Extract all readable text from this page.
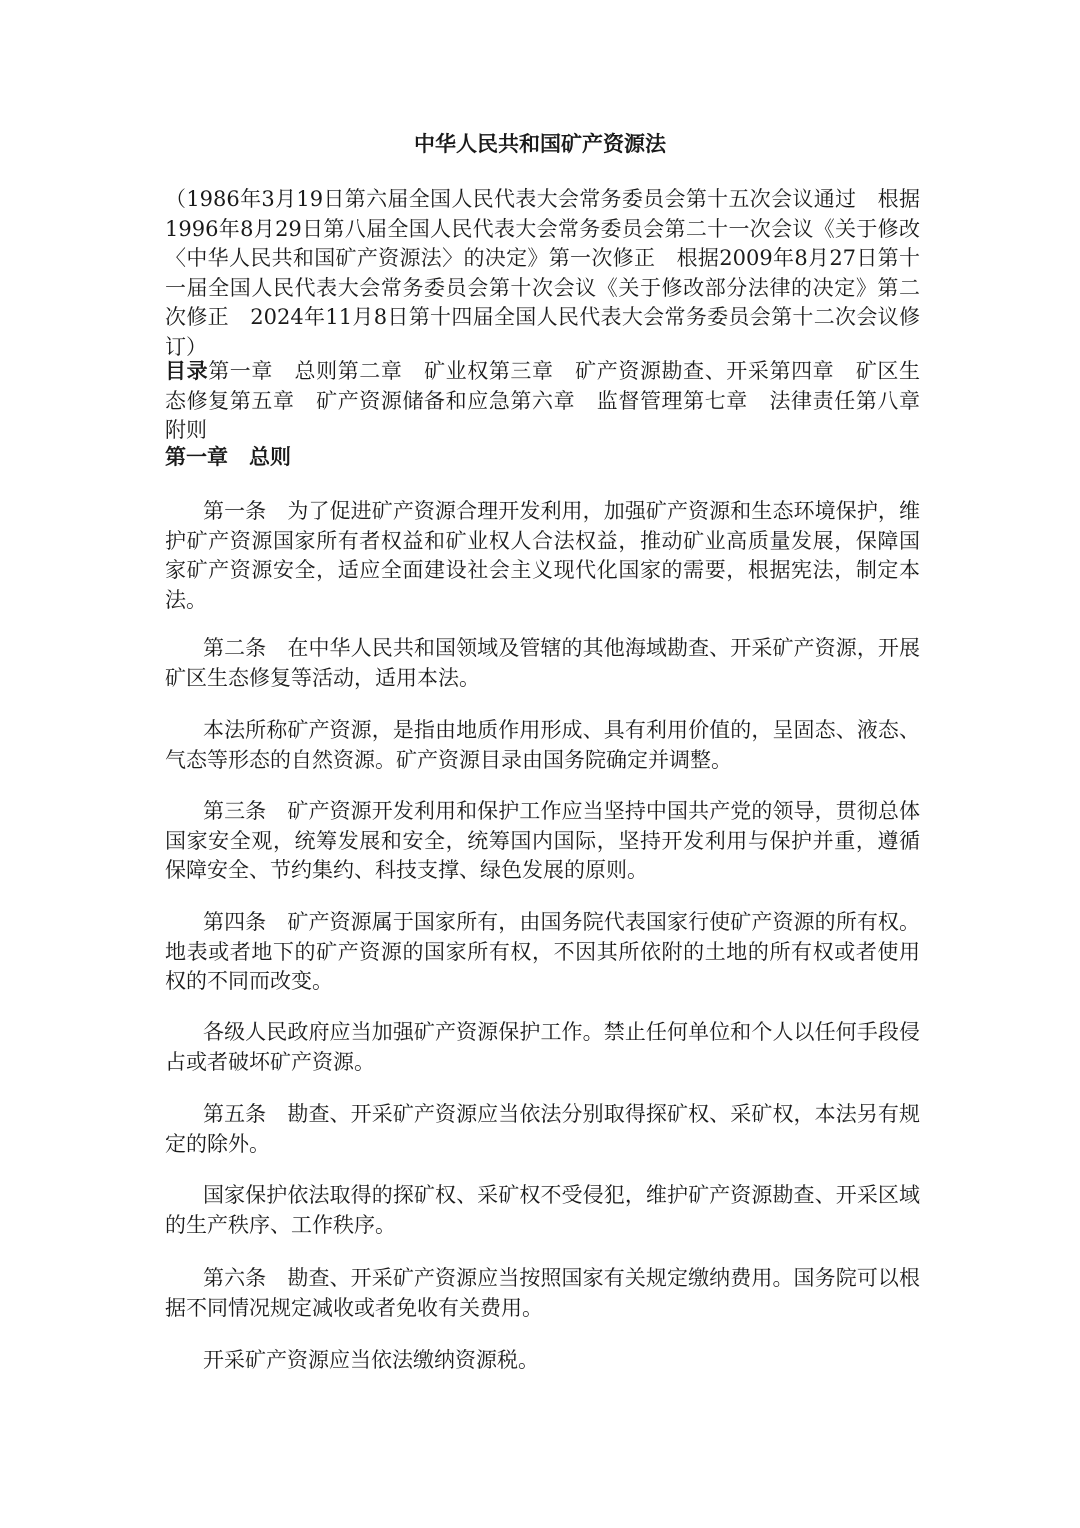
中华人民共和国矿产资源法

（1986年3月19日第六届全国人民代表大会常务委员会第十五次会议通过　根据1996年8月29日第八届全国人民代表大会常务委员会第二十一次会议《关于修改〈中华人民共和国矿产资源法〉的决定》第一次修正　根据2009年8月27日第十一届全国人民代表大会常务委员会第十次会议《关于修改部分法律的决定》第二次修正　2024年11月8日第十四届全国人民代表大会常务委员会第十二次会议修订）

目录第一章　总则第二章　矿业权第三章　矿产资源勘查、开采第四章　矿区生态修复第五章　矿产资源储备和应急第六章　监督管理第七章　法律责任第八章　附则

第一章　总则

第一条　为了促进矿产资源合理开发利用，加强矿产资源和生态环境保护，维护矿产资源国家所有者权益和矿业权人合法权益，推动矿业高质量发展，保障国家矿产资源安全，适应全面建设社会主义现代化国家的需要，根据宪法，制定本法。

第二条　在中华人民共和国领域及管辖的其他海域勘查、开采矿产资源，开展矿区生态修复等活动，适用本法。

本法所称矿产资源，是指由地质作用形成、具有利用价值的，呈固态、液态、气态等形态的自然资源。矿产资源目录由国务院确定并调整。

第三条　矿产资源开发利用和保护工作应当坚持中国共产党的领导，贯彻总体国家安全观，统筹发展和安全，统筹国内国际，坚持开发利用与保护并重，遵循保障安全、节约集约、科技支撑、绿色发展的原则。

第四条　矿产资源属于国家所有，由国务院代表国家行使矿产资源的所有权。地表或者地下的矿产资源的国家所有权，不因其所依附的土地的所有权或者使用权的不同而改变。

各级人民政府应当加强矿产资源保护工作。禁止任何单位和个人以任何手段侵占或者破坏矿产资源。

第五条　勘查、开采矿产资源应当依法分别取得探矿权、采矿权，本法另有规定的除外。

国家保护依法取得的探矿权、采矿权不受侵犯，维护矿产资源勘查、开采区域的生产秩序、工作秩序。

第六条　勘查、开采矿产资源应当按照国家有关规定缴纳费用。国务院可以根据不同情况规定减收或者免收有关费用。

开采矿产资源应当依法缴纳资源税。
